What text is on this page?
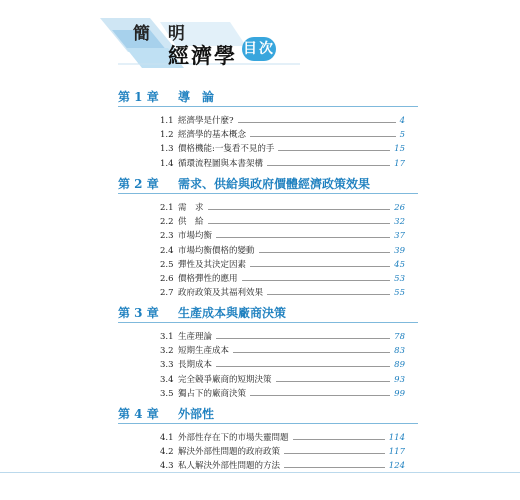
簡 明
經濟學 目次
第 1 章 導　論
1.1 經濟學是什麼?	4
1.2 經濟學的基本概念	5
1.3 價格機能:一隻看不見的手	15
1.4 循環流程圖與本書架構	17
第 2 章 需求、供給與政府價體經濟政策效果
2.1 需　求	26
2.2 供　給	32
2.3 市場均衡	37
2.4 市場均衡價格的變動	39
2.5 彈性及其決定因素	45
2.6 價格彈性的應用	53
2.7 政府政策及其福利效果	55
第 3 章 生產成本與廠商決策
3.1 生產理論	78
3.2 短期生產成本	83
3.3 長期成本	89
3.4 完全競爭廠商的短期決策	93
3.5 獨占下的廠商決策	99
第 4 章 外部性
4.1 外部性存在下的市場失靈問題	114
4.2 解決外部性問題的政府政策	117
4.3 私人解決外部性問題的方法	124
